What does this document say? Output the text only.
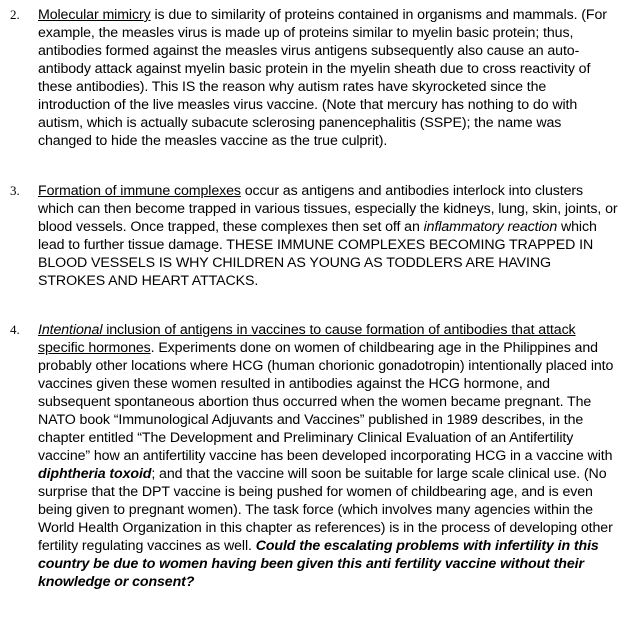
2. Molecular mimicry is due to similarity of proteins contained in organisms and mammals. (For example, the measles virus is made up of proteins similar to myelin basic protein; thus, antibodies formed against the measles virus antigens subsequently also cause an auto-antibody attack against myelin basic protein in the myelin sheath due to cross reactivity of these antibodies). This IS the reason why autism rates have skyrocketed since the introduction of the live measles virus vaccine. (Note that mercury has nothing to do with autism, which is actually subacute sclerosing panencephalitis (SSPE); the name was changed to hide the measles vaccine as the true culprit).

3. Formation of immune complexes occur as antigens and antibodies interlock into clusters which can then become trapped in various tissues, especially the kidneys, lung, skin, joints, or blood vessels. Once trapped, these complexes then set off an inflammatory reaction which lead to further tissue damage. THESE IMMUNE COMPLEXES BECOMING TRAPPED IN BLOOD VESSELS IS WHY CHILDREN AS YOUNG AS TODDLERS ARE HAVING STROKES AND HEART ATTACKS.

4. Intentional inclusion of antigens in vaccines to cause formation of antibodies that attack specific hormones. Experiments done on women of childbearing age in the Philippines and probably other locations where HCG (human chorionic gonadotropin) intentionally placed into vaccines given these women resulted in antibodies against the HCG hormone, and subsequent spontaneous abortion thus occurred when the women became pregnant. The NATO book “Immunological Adjuvants and Vaccines” published in 1989 describes, in the chapter entitled “The Development and Preliminary Clinical Evaluation of an Antifertility vaccine” how an antifertility vaccine has been developed incorporating HCG in a vaccine with diphtheria toxoid; and that the vaccine will soon be suitable for large scale clinical use. (No surprise that the DPT vaccine is being pushed for women of childbearing age, and is even being given to pregnant women). The task force (which involves many agencies within the World Health Organization in this chapter as references) is in the process of developing other fertility regulating vaccines as well. Could the escalating problems with infertility in this country be due to women having been given this anti fertility vaccine without their knowledge or consent?
